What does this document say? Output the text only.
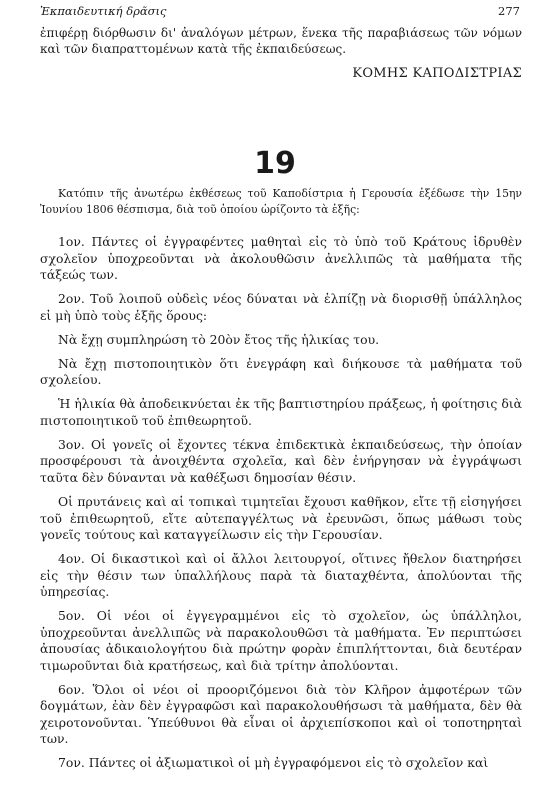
Ἐκπαιδευτική δρᾶσις	277

ἐπιφέρῃ διόρθωσιν δι' ἀναλόγων μέτρων, ἕνεκα τῆς παραβιάσεως τῶν νόμων καὶ τῶν διαπραττομένων κατὰ τῆς ἐκπαιδεύσεως.

ΚΟΜΗΣ ΚΑΠΟΔΙΣΤΡΙΑΣ
19

Κατόπιν τῆς ἀνωτέρω ἐκθέσεως τοῦ Καποδίστρια ἡ Γερουσία ἐξέδωσε τὴν 15ην Ἰουνίου 1806 θέσπισμα, διὰ τοῦ ὁποίου ὡρίζοντο τὰ ἑξῆς:

1ον. Πάντες οἱ ἐγγραφέντες μαθηταὶ εἰς τὸ ὑπὸ τοῦ Κράτους ἱδρυθὲν σχολεῖον ὑποχρεοῦνται νὰ ἀκολουθῶσιν ἀνελλιπῶς τὰ μαθήματα τῆς τάξεώς των.

2ον. Τοῦ λοιποῦ οὐδεὶς νέος δύναται νὰ ἐλπίζῃ νὰ διορισθῇ ὑπάλληλος εἰ μὴ ὑπὸ τοὺς ἑξῆς ὅρους:

Νὰ ἔχῃ συμπληρώση τὸ 20ὸν ἔτος τῆς ἡλικίας του.

Νὰ ἔχῃ πιστοποιητικὸν ὅτι ἐνεγράφη καὶ διήκουσε τὰ μαθήματα τοῦ σχολείου.

Ἡ ἡλικία θὰ ἀποδεικνύεται ἐκ τῆς βαπτιστηρίου πράξεως, ἡ φοίτησις διὰ πιστοποιητικοῦ τοῦ ἐπιθεωρητοῦ.

3ον. Οἱ γονεῖς οἱ ἔχοντες τέκνα ἐπιδεκτικὰ ἐκπαιδεύσεως, τὴν ὁποίαν προσφέρουσι τὰ ἀνοιχθέντα σχολεῖα, καὶ δὲν ἐνήργησαν νὰ ἐγγράψωσι ταῦτα δὲν δύνανται νὰ καθέξωσι δημοσίαν θέσιν.

Οἱ πρυτάνεις καὶ αἱ τοπικαὶ τιμητεῖαι ἔχουσι καθῆκον, εἴτε τῇ εἰσηγήσει τοῦ ἐπιθεωρητοῦ, εἴτε αὐτεπαγγέλτως νὰ ἐρευνῶσι, ὅπως μάθωσι τοὺς γονεῖς τούτους καὶ καταγγείλωσιν εἰς τὴν Γερουσίαν.

4ον. Οἱ δικαστικοὶ καὶ οἱ ἄλλοι λειτουργοί, οἵτινες ἤθελον διατηρήσει εἰς τὴν θέσιν των ὑπαλλήλους παρὰ τὰ διαταχθέντα, ἀπολύονται τῆς ὑπηρεσίας.

5ον. Οἱ νέοι οἱ ἐγγεγραμμένοι εἰς τὸ σχολεῖον, ὡς ὑπάλληλοι, ὑποχρεοῦνται ἀνελλιπῶς νὰ παρακολουθῶσι τὰ μαθήματα. Ἐν περιπτώσει ἀπουσίας ἀδικαιολογήτου διὰ πρώτην φορὰν ἐπιπλήττονται, διὰ δευτέραν τιμωροῦνται διὰ κρατήσεως, καὶ διὰ τρίτην ἀπολύονται.

6ον. Ὅλοι οἱ νέοι οἱ προοριζόμενοι διὰ τὸν Κλῆρον ἀμφοτέρων τῶν δογμάτων, ἐὰν δὲν ἐγγραφῶσι καὶ παρακολουθήσωσι τὰ μαθήματα, δὲν θὰ χειροτονοῦνται. Ὑπεύθυνοι θὰ εἶναι οἱ ἀρχιεπίσκοποι καὶ οἱ τοποτηρηταὶ των.

7ον. Πάντες οἱ ἀξιωματικοὶ οἱ μὴ ἐγγραφόμενοι εἰς τὸ σχολεῖον καὶ
